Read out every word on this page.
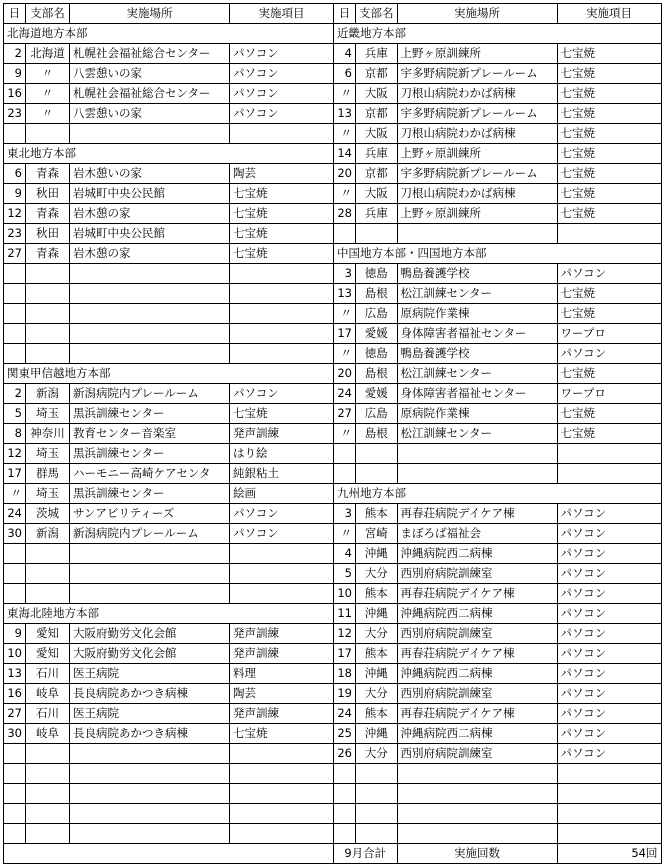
日	支部名	実施場所	実施項目	日	支部名	実施場所	実施項目
北海道地方本部				近畿地方本部			
2	北海道	札幌社会福祉総合センター	パソコン	4	兵庫	上野ヶ原訓練所	七宝焼
9	〃	八雲憩いの家	パソコン	6	京都	宇多野病院新プレールーム	七宝焼
16	〃	札幌社会福祉総合センター	パソコン	〃	大阪	刀根山病院わかば病棟	七宝焼
23	〃	八雲憩いの家	パソコン	13	京都	宇多野病院新プレールーム	七宝焼
				〃	大阪	刀根山病院わかば病棟	七宝焼
東北地方本部				14	兵庫	上野ヶ原訓練所	七宝焼
6	青森	岩木憩いの家	陶芸	20	京都	宇多野病院新プレールーム	七宝焼
9	秋田	岩城町中央公民館	七宝焼	〃	大阪	刀根山病院わかば病棟	七宝焼
12	青森	岩木憩の家	七宝焼	28	兵庫	上野ヶ原訓練所	七宝焼
23	秋田	岩城町中央公民館	七宝焼				
27	青森	岩木憩の家	七宝焼	中国地方本部・四国地方本部			
				3	徳島	鴨島養護学校	パソコン
				13	島根	松江訓練センター	七宝焼
				〃	広島	原病院作業棟	七宝焼
				17	愛媛	身体障害者福祉センター	ワープロ
				〃	徳島	鴨島養護学校	パソコン
関東甲信越地方本部				20	島根	松江訓練センター	七宝焼
2	新潟	新潟病院内プレールーム	パソコン	24	愛媛	身体障害者福祉センター	ワープロ
5	埼玉	黒浜訓練センター	七宝焼	27	広島	原病院作業棟	七宝焼
8	神奈川	教育センター音楽室	発声訓練	〃	島根	松江訓練センター	七宝焼
12	埼玉	黒浜訓練センター	はり絵				
17	群馬	ハーモニー高崎ケアセンタ	純銀粘土				
〃	埼玉	黒浜訓練センター	絵画	九州地方本部			
24	茨城	サンアビリティーズ	パソコン	3	熊本	再春荘病院デイケア棟	パソコン
30	新潟	新潟病院内プレールーム	パソコン	〃	宮崎	まぼろば福祉会	パソコン
				4	沖縄	沖縄病院西二病棟	パソコン
				5	大分	西別府病院訓練室	パソコン
				10	熊本	再春荘病院デイケア棟	パソコン
東海北陸地方本部				11	沖縄	沖縄病院西二病棟	パソコン
9	愛知	大阪府勤労文化会館	発声訓練	12	大分	西別府病院訓練室	パソコン
10	愛知	大阪府勤労文化会館	発声訓練	17	熊本	再春荘病院デイケア棟	パソコン
13	石川	医王病院	料理	18	沖縄	沖縄病院西二病棟	パソコン
16	岐阜	長良病院あかつき病棟	陶芸	19	大分	西別府病院訓練室	パソコン
27	石川	医王病院	発声訓練	24	熊本	再春荘病院デイケア棟	パソコン
30	岐阜	長良病院あかつき病棟	七宝焼	25	沖縄	沖縄病院西二病棟	パソコン
				26	大分	西別府病院訓練室	パソコン

				9月合計		実施回数	54回
